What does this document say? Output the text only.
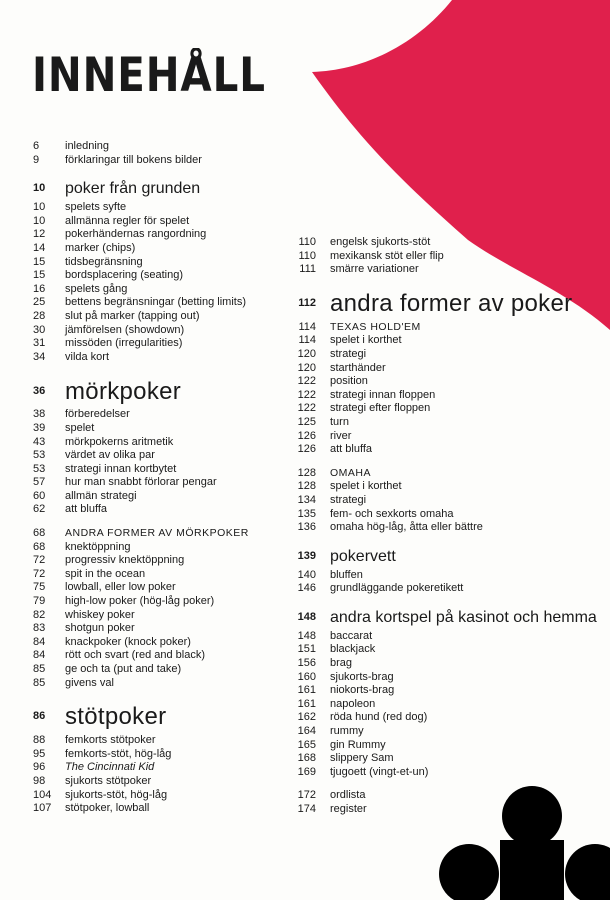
INNEHÅLL
6	inledning
9	förklaringar till bokens bilder
10	poker från grunden
10	spelets syfte
10	allmänna regler för spelet
12	pokerhändernas rangordning
14	marker (chips)
15	tidsbegränsning
15	bordsplacering (seating)
16	spelets gång
25	bettens begränsningar (betting limits)
28	slut på marker (tapping out)
30	jämförelsen (showdown)
31	missöden (irregularities)
34	vilda kort
36 mörkpoker
38	förberedelser
39	spelet
43	mörkpokerns aritmetik
53	värdet av olika par
53	strategi innan kortbytet
57	hur man snabbt förlorar pengar
60	allmän strategi
62	att bluffa
68	ANDRA FORMER AV MÖRKPOKER
68	knektöppning
72	progressiv knektöppning
72	spit in the ocean
75	lowball, eller low poker
79	high-low poker (hög-låg poker)
82	whiskey poker
83	shotgun poker
84	knackpoker (knock poker)
84	rött och svart (red and black)
85	ge och ta (put and take)
85	givens val
86 stötpoker
88	femkorts stötpoker
95	femkorts-stöt, hög-låg
96	The Cincinnati Kid
98	sjukorts stötpoker
104	sjukorts-stöt, hög-låg
107	stötpoker, lowball
110 engelsk sjukorts-stöt
110 mexikansk stöt eller flip
111 smärre variationer
112 andra former av poker
114 TEXAS HOLD'EM
114 spelet i korthet
120 strategi
120 starthänder
122 position
122 strategi innan floppen
122 strategi efter floppen
125 turn
126 river
126 att bluffa
128 OMAHA
128 spelet i korthet
134 strategi
135 fem- och sexkorts omaha
136 omaha hög-låg, åtta eller bättre
139 pokervett
140 bluffen
146 grundläggande pokeretikett
148 andra kortspel på kasinot och hemma
148 baccarat
151 blackjack
156 brag
160 sjukorts-brag
161 niokorts-brag
161 napoleon
162 röda hund (red dog)
164 rummy
165 gin Rummy
168 slippery Sam
169 tjugoett (vingt-et-un)
172 ordlista
174 register
